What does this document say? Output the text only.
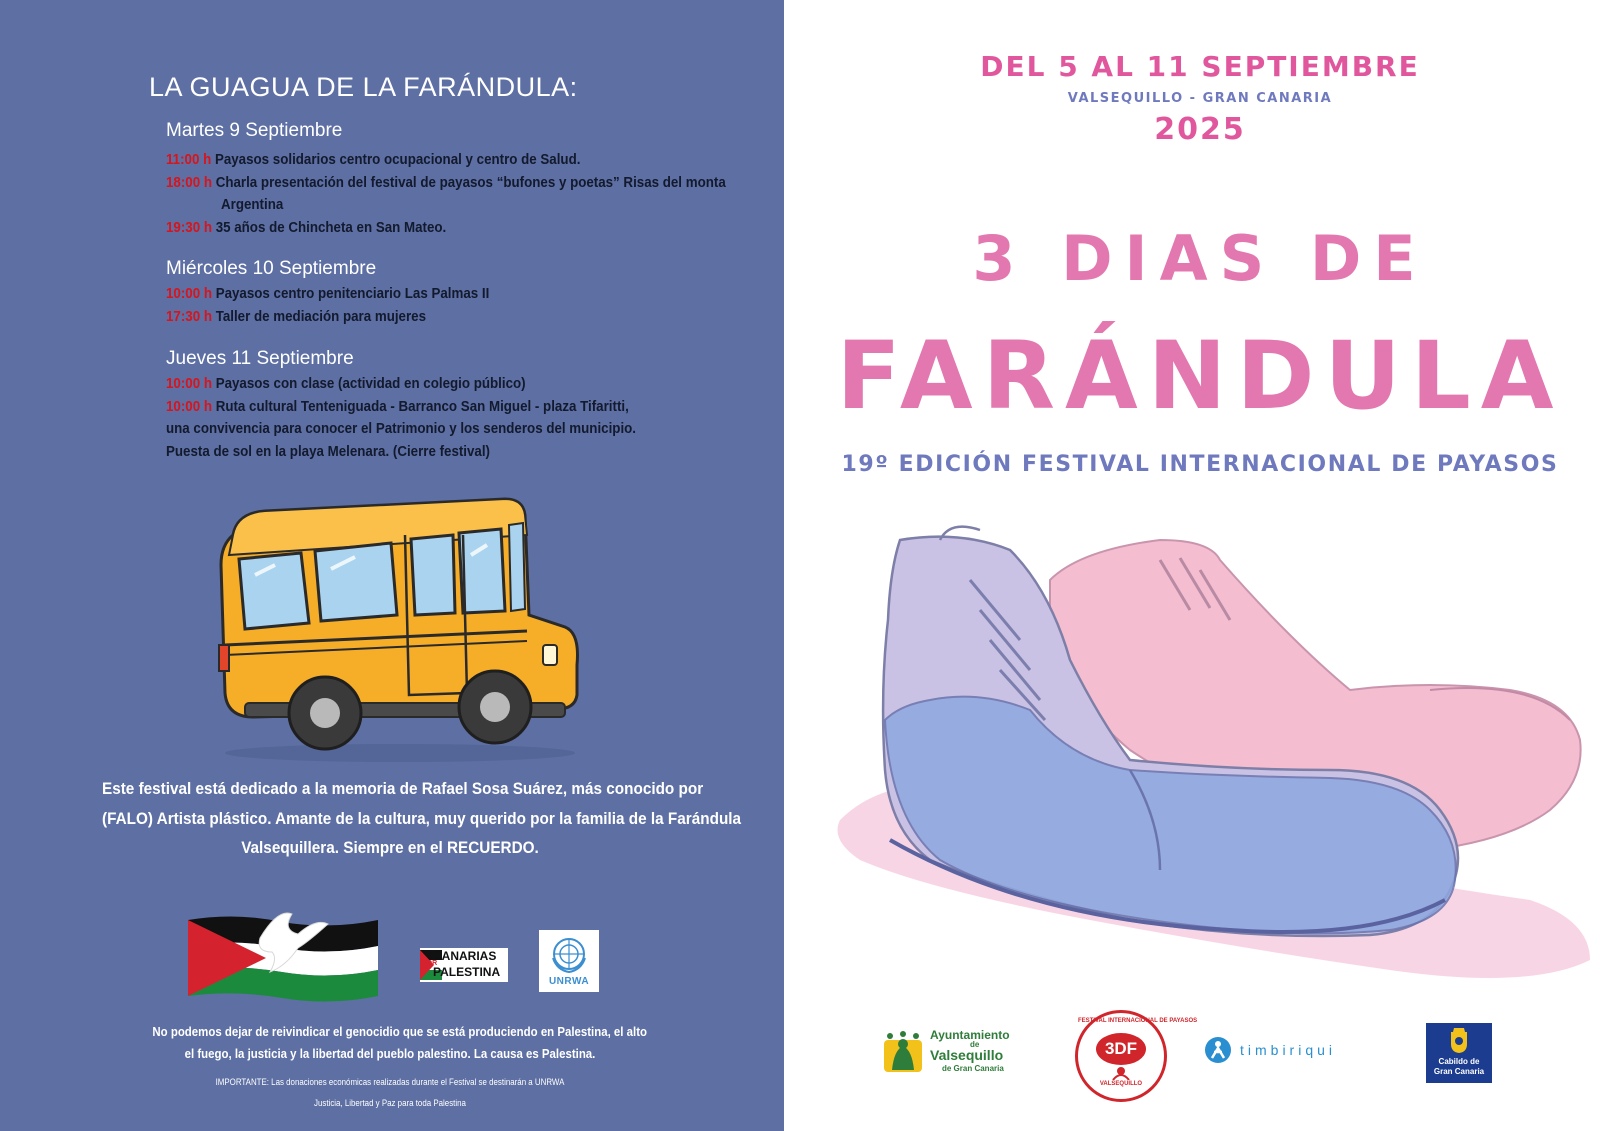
LA GUAGUA DE LA FARÁNDULA:
Martes 9 Septiembre
11:00 h Payasos solidarios centro ocupacional y centro de Salud.
18:00 h Charla presentación del festival de payasos “bufones y poetas” Risas del monta
Argentina
19:30 h 35 años de Chincheta en San Mateo.
Miércoles 10 Septiembre
10:00 h Payasos centro penitenciario Las Palmas II
17:30 h Taller de mediación para mujeres
Jueves 11 Septiembre
10:00 h Payasos con clase (actividad en colegio público)
10:00 h Ruta cultural Tenteniguada - Barranco San Miguel - plaza Tifaritti,
una convivencia para conocer el Patrimonio y los senderos del municipio.
Puesta de sol en la playa Melenara. (Cierre festival)
Este festival está dedicado a la memoria de Rafael Sosa Suárez, más conocido por
(FALO) Artista plástico. Amante de la cultura, muy querido por la familia de la Farándula
Valsequillera. Siempre en el RECUERDO.
CANARIAS
POR
PALESTINA
UNRWA
No podemos dejar de reivindicar el genocidio que se está produciendo en Palestina, el alto
el fuego, la justicia y la libertad del pueblo palestino. La causa es Palestina.
IMPORTANTE: Las donaciones económicas realizadas durante el Festival se destinarán a UNRWA
Justicia, Libertad y Paz para toda Palestina
DEL 5 AL 11 SEPTIEMBRE
VALSEQUILLO - GRAN CANARIA
2025
3 DIAS DE
FARÁNDULA
19º EDICIÓN FESTIVAL INTERNACIONAL DE PAYASOS
Ayuntamiento
de
Valsequillo
de Gran Canaria
FESTIVAL INTERNACIONAL DE PAYASOS
3DF
VALSEQUILLO
timbiriqui
Cabildo de
Gran Canaria
